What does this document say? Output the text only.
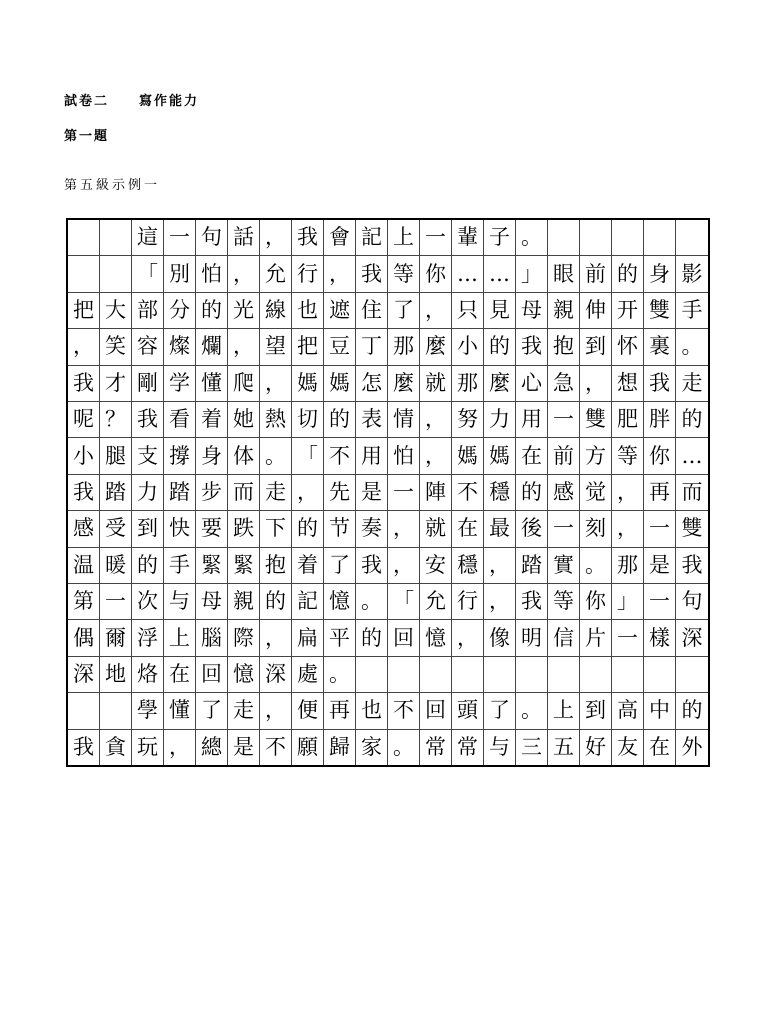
試卷二 寫作能力
第一題
第五級示例一
這 一 句 話 ， 我 會 記 上 一 輩 子 。
「 別 怕 ， 允 行 ， 我 等 你 … … 」 眼 前 的 身 影
把 大 部 分 的 光 線 也 遮 住 了 ， 只 見 母 親 伸 开 雙 手
， 笑 容 燦 爛 ， 望 把 豆 丁 那 麼 小 的 我 抱 到 怀 裏 。
我 才 剛 学 懂 爬 ， 媽 媽 怎 麼 就 那 麼 心 急 ， 想 我 走
呢 ？ 我 看 着 她 熱 切 的 表 情 ， 努 力 用 一 雙 肥 胖 的
小 腿 支 撐 身 体 。 「 不 用 怕 ， 媽 媽 在 前 方 等 你 …
我 踏 力 踏 步 而 走 ， 先 是 一 陣 不 穩 的 感 觉 ， 再 而
感 受 到 快 要 跌 下 的 节 奏 ， 就 在 最 後 一 刻 ， 一 雙
温 暖 的 手 緊 緊 抱 着 了 我 ， 安 穩 ， 踏 實 。 那 是 我
第 一 次 与 母 親 的 記 憶 。 「 允 行 ， 我 等 你 」 一 句
偶 爾 浮 上 腦 際 ， 扁 平 的 回 憶 ， 像 明 信 片 一 樣 深
深 地 烙 在 回 憶 深 處 。
學 懂 了 走 ， 便 再 也 不 回 頭 了 。 上 到 高 中 的
我 貪 玩 ， 總 是 不 願 歸 家 。 常 常 与 三 五 好 友 在 外
